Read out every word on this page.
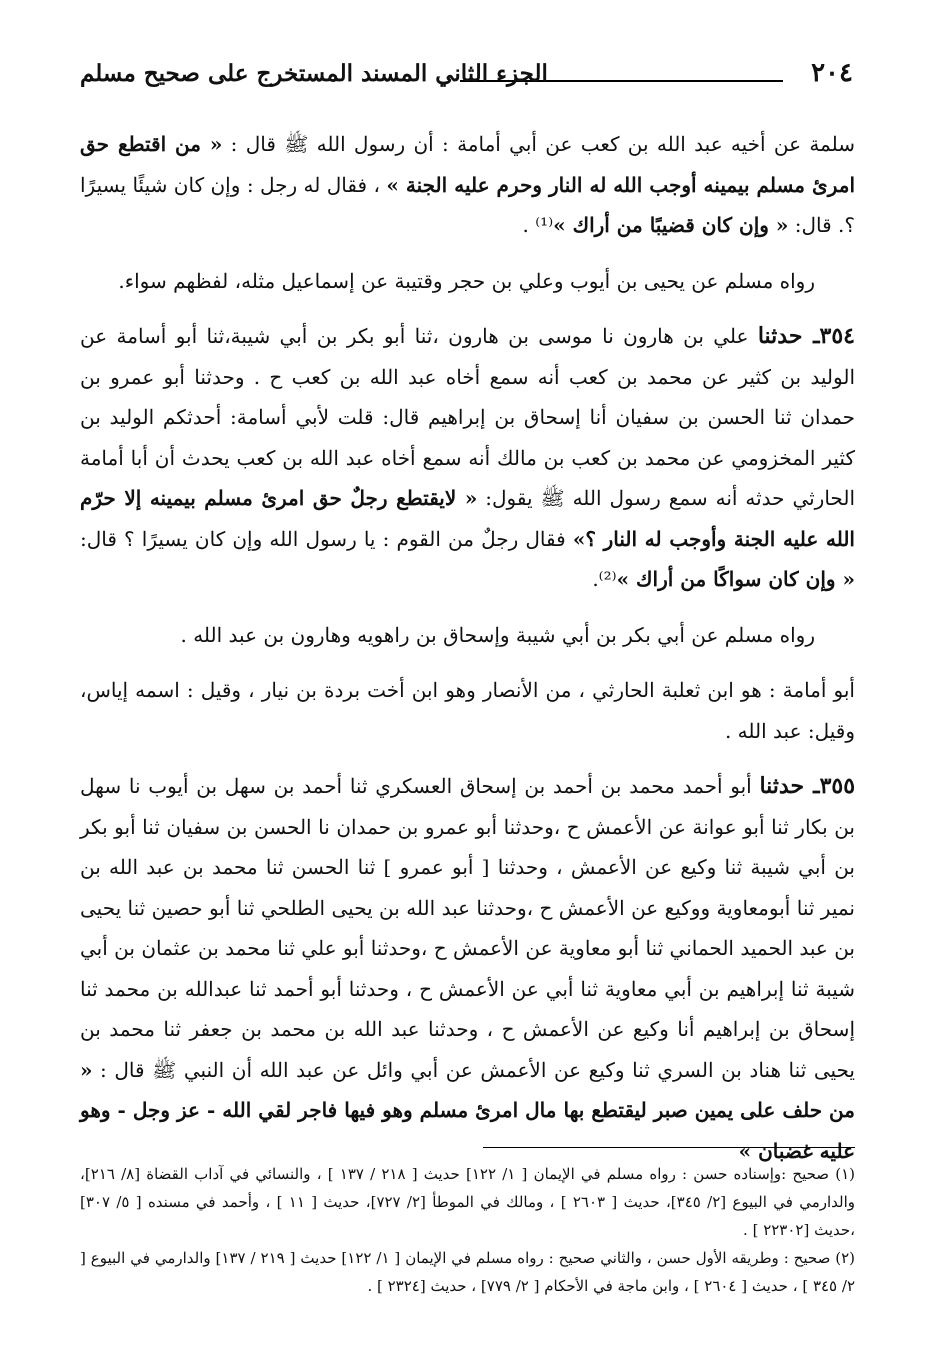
٢٠٤
الجزء الثاني المسند المستخرج على صحيح مسلم

سلمة عن أخيه عبد الله بن كعب عن أبي أمامة : أن رسول الله ﷺ قال : « من اقتطع حق امرئ مسلم بيمينه أوجب الله له النار وحرم عليه الجنة » ، فقال له رجل : وإن كان شيئًا يسيرًا ؟. قال: « وإن كان قضيبًا من أراك »⁽¹⁾ .

رواه مسلم عن يحيى بن أيوب وعلي بن حجر وقتيبة عن إسماعيل مثله، لفظهم سواء.

٣٥٤ـ حدثنا علي بن هارون نا موسى بن هارون ،ثنا أبو بكر بن أبي شيبة،ثنا أبو أسامة عن الوليد بن كثير عن محمد بن كعب أنه سمع أخاه عبد الله بن كعب ح . وحدثنا أبو عمرو بن حمدان ثنا الحسن بن سفيان أنا إسحاق بن إبراهيم قال: قلت لأبي أسامة: أحدثكم الوليد بن كثير المخزومي عن محمد بن كعب بن مالك أنه سمع أخاه عبد الله بن كعب يحدث أن أبا أمامة الحارثي حدثه أنه سمع رسول الله ﷺ يقول: « لايقتطع رجلٌ حق امرئ مسلم بيمينه إلا حرّم الله عليه الجنة وأوجب له النار ؟» فقال رجلٌ من القوم : يا رسول الله وإن كان يسيرًا ؟ قال: « وإن كان سواكًا من أراك »⁽²⁾.

رواه مسلم عن أبي بكر بن أبي شيبة وإسحاق بن راهويه وهارون بن عبد الله .

أبو أمامة : هو ابن ثعلبة الحارثي ، من الأنصار وهو ابن أخت بردة بن نيار ، وقيل : اسمه إياس، وقيل: عبد الله .

٣٥٥ـ حدثنا أبو أحمد محمد بن أحمد بن إسحاق العسكري ثنا أحمد بن سهل بن أيوب نا سهل بن بكار ثنا أبو عوانة عن الأعمش ح ،وحدثنا أبو عمرو بن حمدان نا الحسن بن سفيان ثنا أبو بكر بن أبي شيبة ثنا وكيع عن الأعمش ، وحدثنا [ أبو عمرو ] ثنا الحسن ثنا محمد بن عبد الله بن نمير ثنا أبومعاوية ووكيع عن الأعمش ح ،وحدثنا عبد الله بن يحيى الطلحي ثنا أبو حصين ثنا يحيى بن عبد الحميد الحماني ثنا أبو معاوية عن الأعمش ح ،وحدثنا أبو علي ثنا محمد بن عثمان بن أبي شيبة ثنا إبراهيم بن أبي معاوية ثنا أبي عن الأعمش ح ، وحدثنا أبو أحمد ثنا عبدالله بن محمد ثنا إسحاق بن إبراهيم أنا وكيع عن الأعمش ح ، وحدثنا عبد الله بن محمد بن جعفر ثنا محمد بن يحيى ثنا هناد بن السري ثنا وكيع عن الأعمش عن أبي وائل عن عبد الله أن النبي ﷺ قال : « من حلف على يمين صبر ليقتطع بها مال امرئ مسلم وهو فيها فاجر لقي الله - عز وجل - وهو عليه غضبان »

(١) صحيح :وإسناده حسن : رواه مسلم في الإيمان [ ١/ ١٢٢] حديث [ ٢١٨ / ١٣٧ ] ، والنسائي في آداب القضاة [٨/ ٢١٦]، والدارمي في البيوع [٢/ ٣٤٥]، حديث [ ٢٦٠٣ ] ، ومالك في الموطأ [٢/ ٧٢٧]، حديث [ ١١ ] ، وأحمد في مسنده [ ٥/ ٣٠٧] ،حديث [٢٢٣٠٢ ] .

(٢) صحيح : وطريقه الأول حسن ، والثاني صحيح : رواه مسلم في الإيمان [ ١/ ١٢٢] حديث [ ٢١٩ / ١٣٧] والدارمي في البيوع [ ٢/ ٣٤٥ ] ، حديث [ ٢٦٠٤ ] ، وابن ماجة في الأحكام [ ٢/ ٧٧٩] ، حديث [٢٣٢٤ ] .
